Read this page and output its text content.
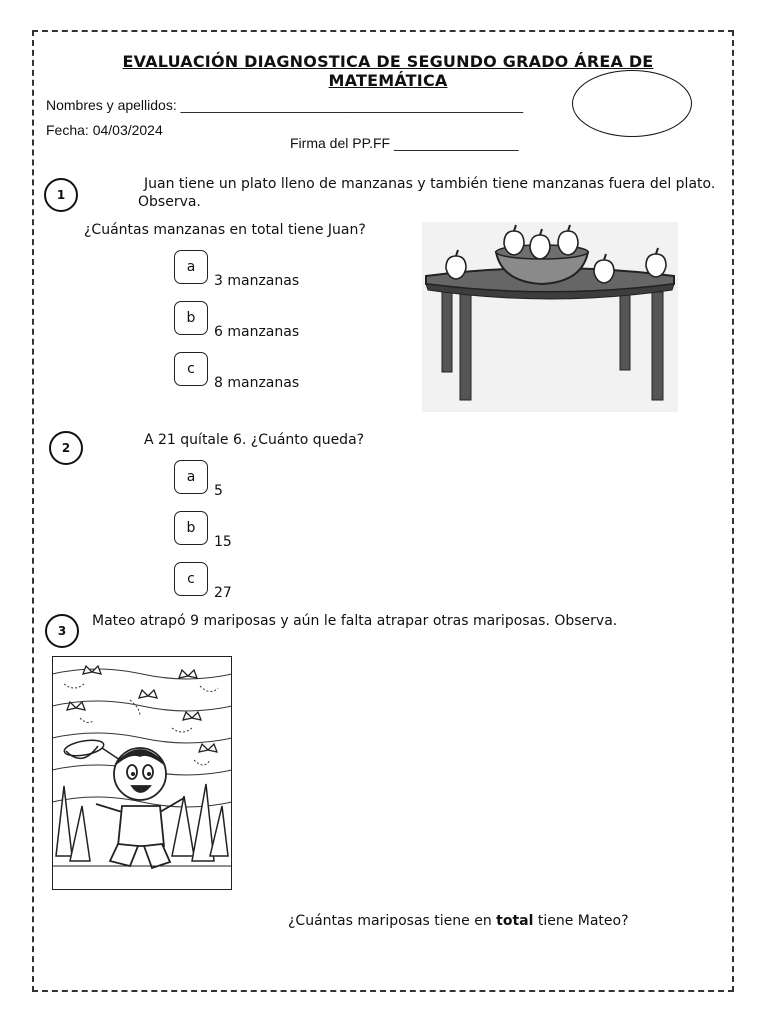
EVALUACIÓN DIAGNOSTICA DE SEGUNDO GRADO ÁREA DE
MATEMÁTICA
Nombres y apellidos: ____________________________________________
Fecha: 04/03/2024
Firma del PP.FF ________________
1
Juan tiene un plato lleno de manzanas y también tiene manzanas fuera del plato. Observa.
¿Cuántas manzanas en total tiene Juan?
a
3 manzanas
b
6 manzanas
c
8 manzanas
2	A 21 quítale 6. ¿Cuánto queda?
a
5
b
15
c
27
3
Mateo atrapó 9 mariposas y aún le falta atrapar otras mariposas. Observa.
¿Cuántas mariposas tiene en total tiene Mateo?
